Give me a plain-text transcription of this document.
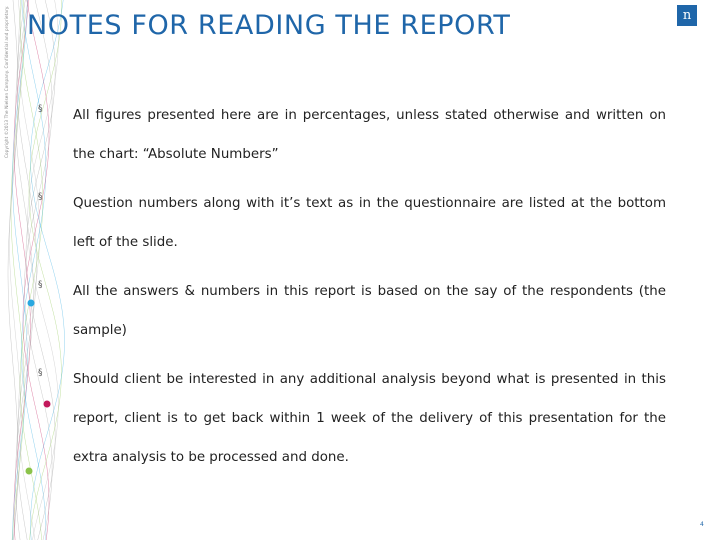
Copyright ©2013 The Nielsen Company. Confidential and proprietary. NOTES FOR READING THE REPORT	n
§ All figures presented here are in percentages, unless stated otherwise and written on the chart: “Absolute Numbers”
§ Question numbers along with it’s text as in the questionnaire are listed at the bottom left of the slide.
§ All the answers & numbers in this report is based on the say of the respondents (the sample)
§ Should client be interested in any additional analysis beyond what is presented in this report, client is to get back within 1 week of the delivery of this presentation for the extra analysis to be processed and done.
4
